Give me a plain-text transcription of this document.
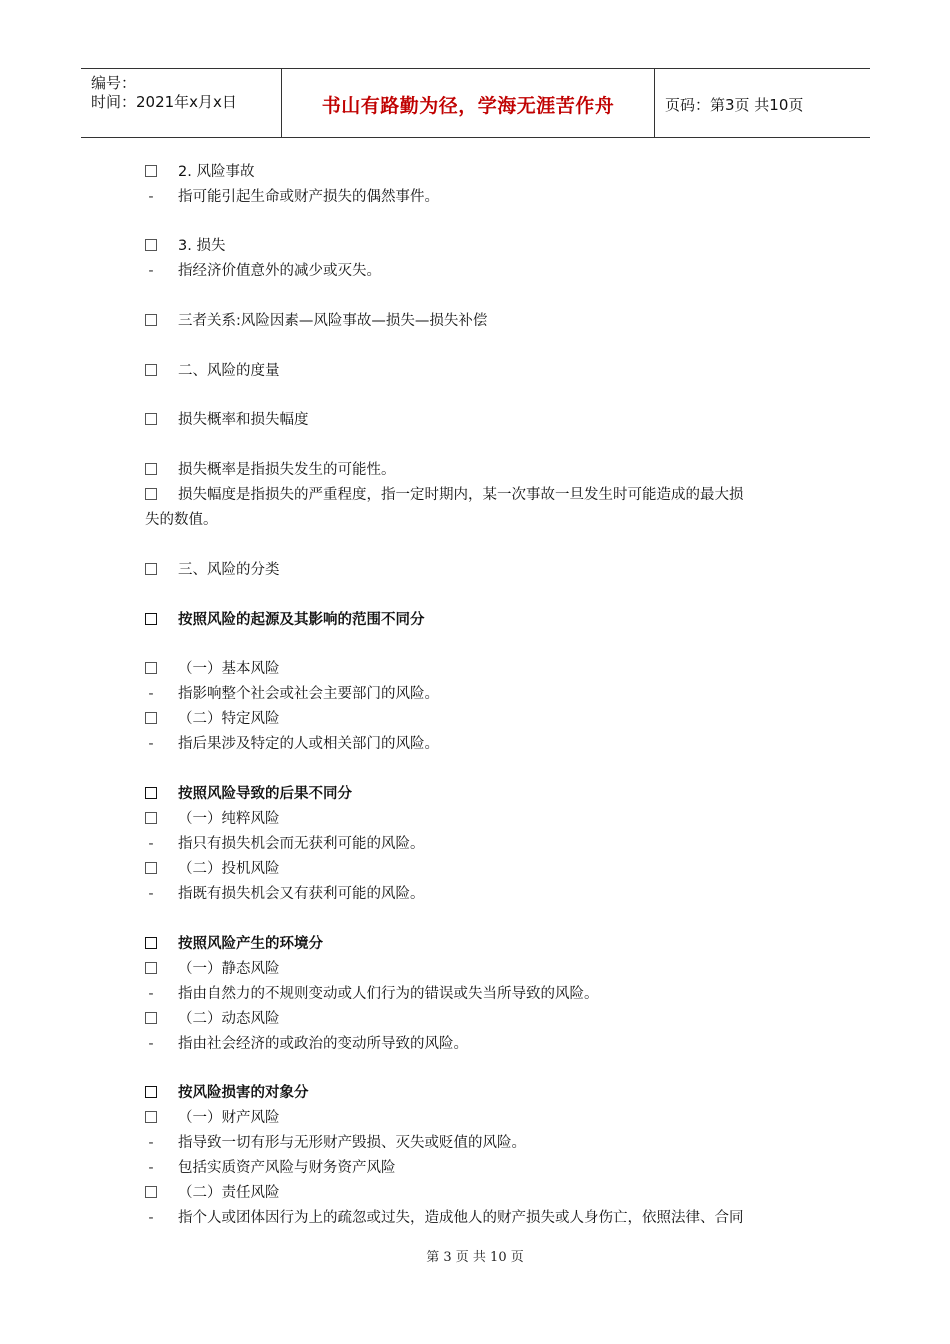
编号：
时间：2021年x月x日	书山有路勤为径，学海无涯苦作舟	页码：第3页 共10页
2. 风险事故
- 指可能引起生命或财产损失的偶然事件。
3. 损失
- 指经济价值意外的减少或灭失。
三者关系:风险因素—风险事故—损失—损失补偿
二、风险的度量
损失概率和损失幅度
损失概率是指损失发生的可能性。
损失幅度是指损失的严重程度，指一定时期内，某一次事故一旦发生时可能造成的最大损
失的数值。
三、风险的分类
按照风险的起源及其影响的范围不同分
（一）基本风险
- 指影响整个社会或社会主要部门的风险。
（二）特定风险
- 指后果涉及特定的人或相关部门的风险。
按照风险导致的后果不同分
（一）纯粹风险
- 指只有损失机会而无获利可能的风险。
（二）投机风险
- 指既有损失机会又有获利可能的风险。
按照风险产生的环境分
（一）静态风险
- 指由自然力的不规则变动或人们行为的错误或失当所导致的风险。
（二）动态风险
- 指由社会经济的或政治的变动所导致的风险。
按风险损害的对象分
（一）财产风险
- 指导致一切有形与无形财产毁损、灭失或贬值的风险。
- 包括实质资产风险与财务资产风险
（二）责任风险
- 指个人或团体因行为上的疏忽或过失，造成他人的财产损失或人身伤亡，依照法律、合同
第 3 页 共 10 页
